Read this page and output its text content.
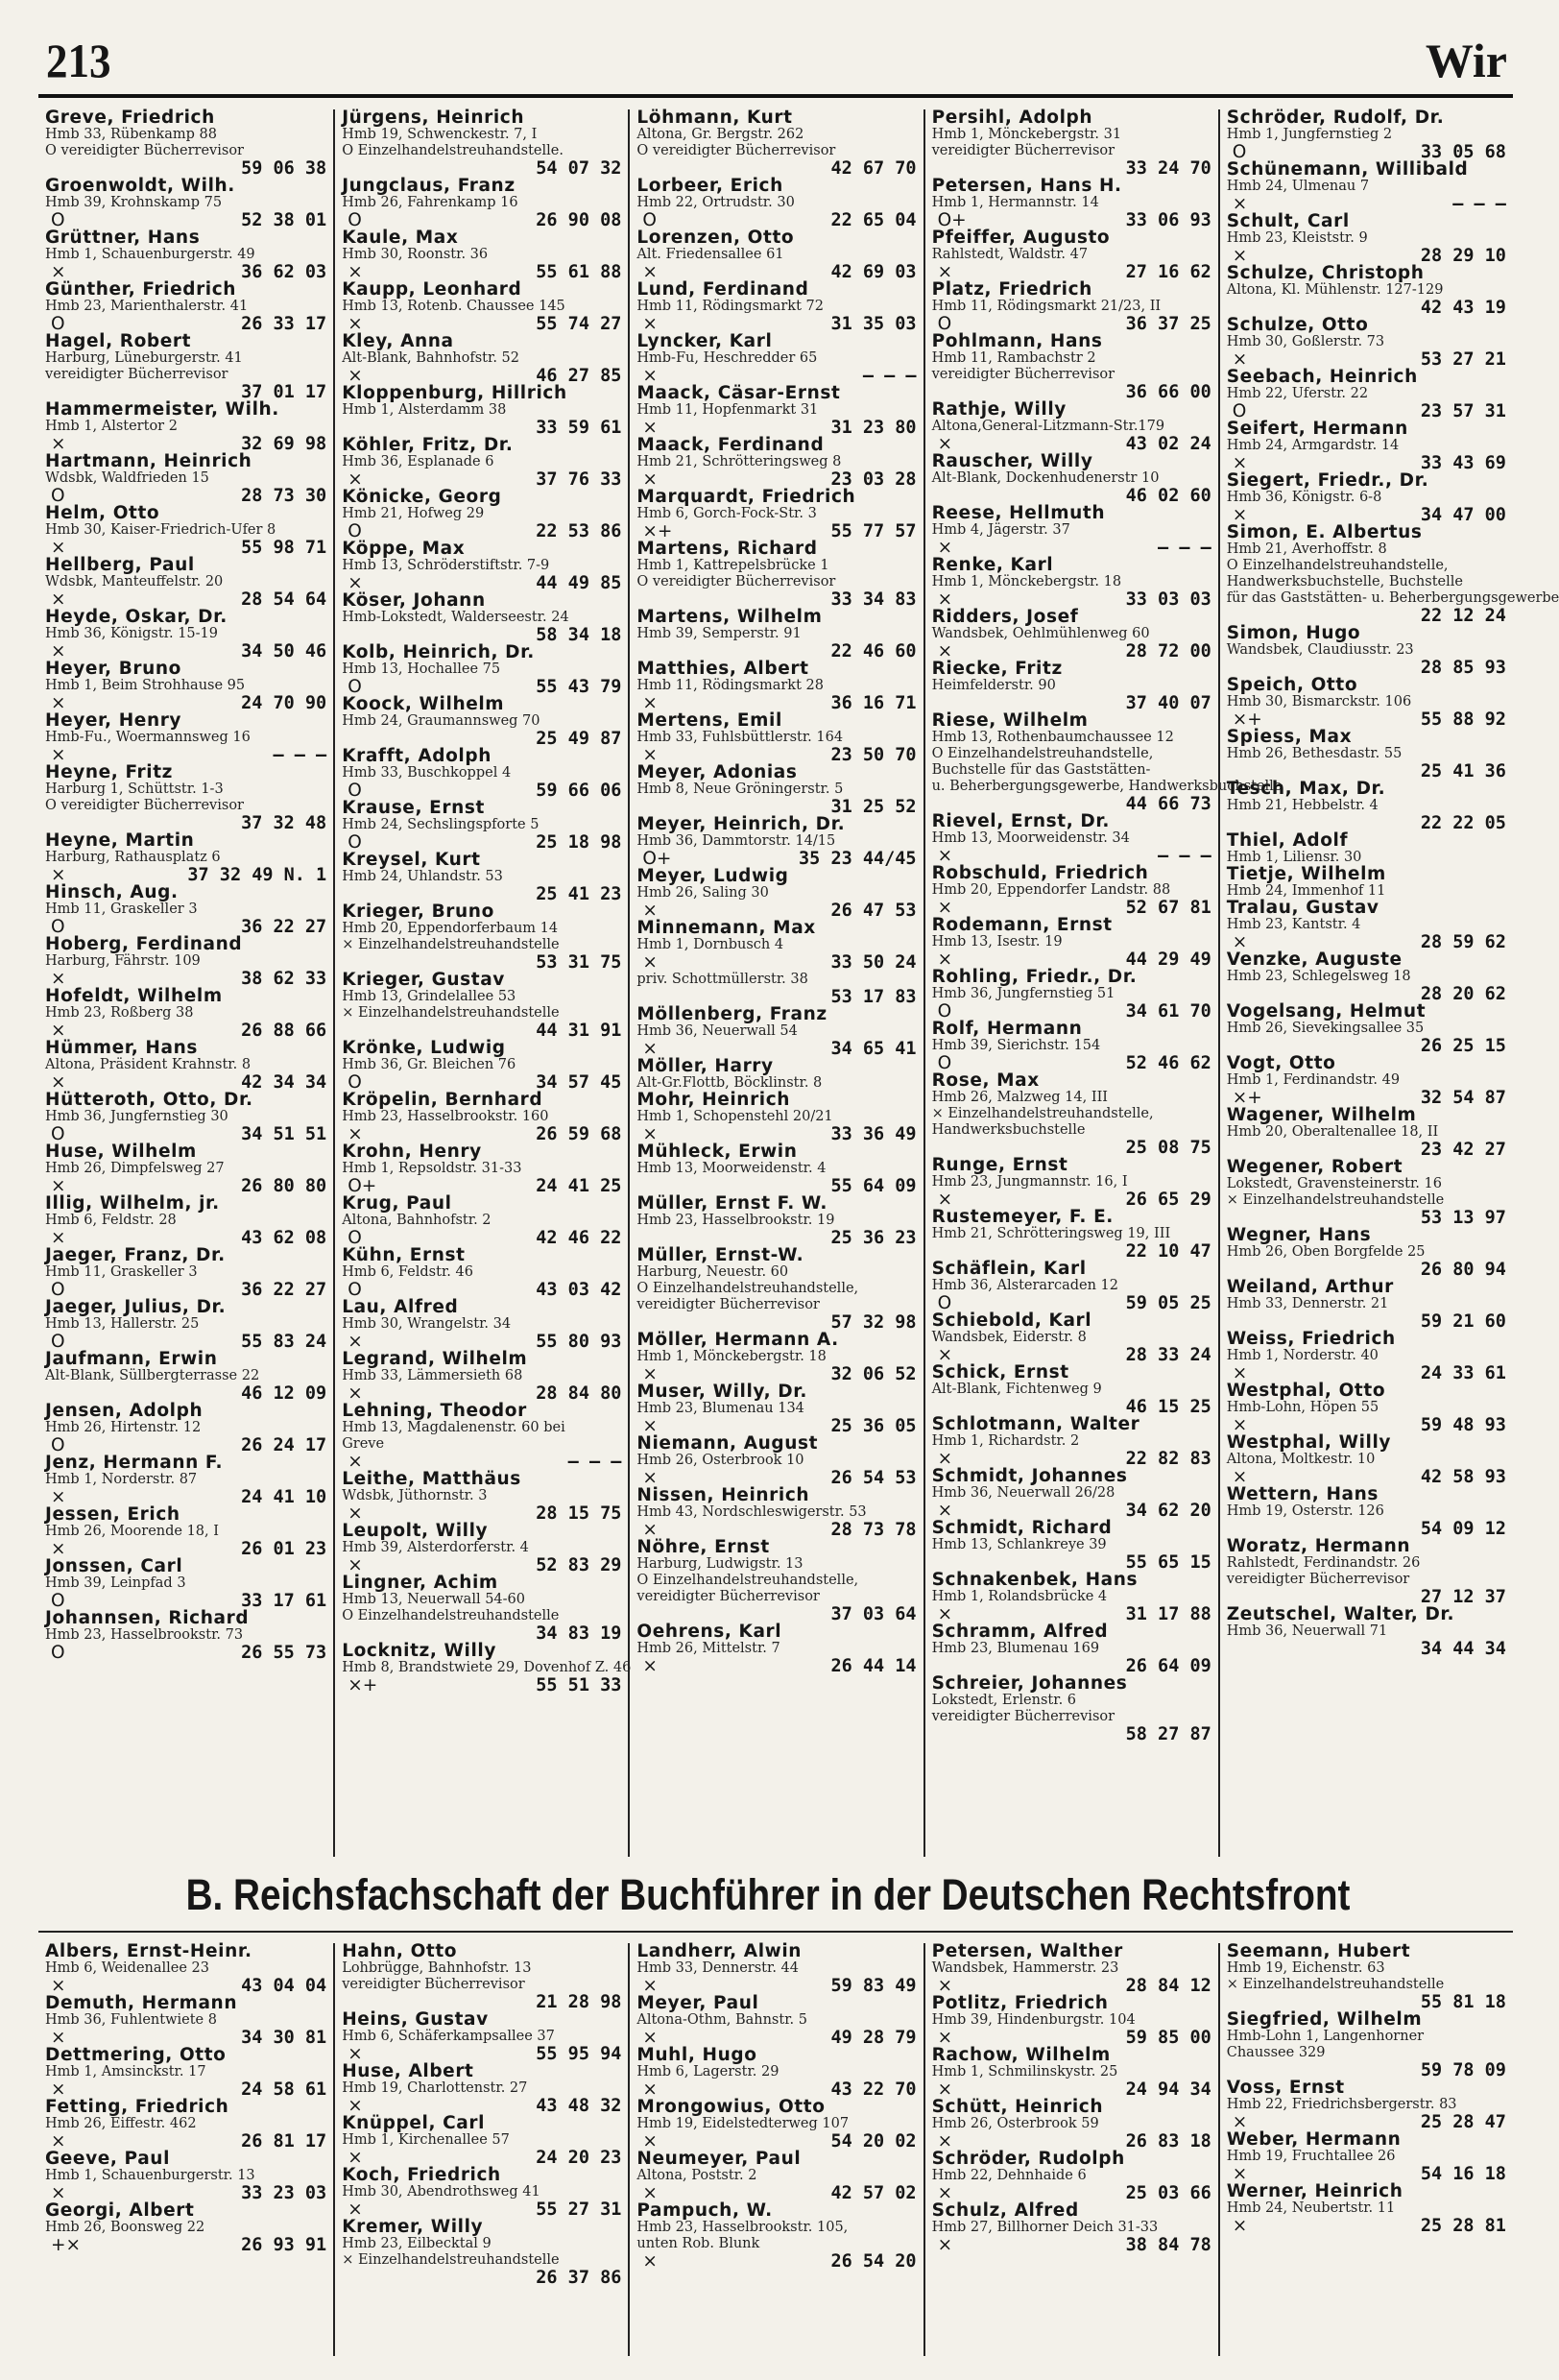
213	Wir
Greve, Friedrich
Hmb 33, Rübenkamp 88
O vereidigter Bücherrevisor
59 06 38
Groenwoldt, Wilh.
Hmb 39, Krohnskamp 75
O	52 38 01
Grüttner, Hans
Hmb 1, Schauenburgerstr. 49
×	36 62 03
Günther, Friedrich
Hmb 23, Marienthalerstr. 41
O	26 33 17
Hagel, Robert
Harburg, Lüneburgerstr. 41
vereidigter Bücherrevisor
37 01 17
Hammermeister, Wilh.
Hmb 1, Alstertor 2
×	32 69 98
Hartmann, Heinrich
Wdsbk, Waldfrieden 15
O	28 73 30
Helm, Otto
Hmb 30, Kaiser-Friedrich-Ufer 8
×	55 98 71
Hellberg, Paul
Wdsbk, Manteuffelstr. 20
×	28 54 64
Heyde, Oskar, Dr.
Hmb 36, Königstr. 15-19
×	34 50 46
Heyer, Bruno
Hmb 1, Beim Strohhause 95
×	24 70 90
Heyer, Henry
Hmb-Fu., Woermannsweg 16
×	— — —
Heyne, Fritz
Harburg 1, Schüttstr. 1-3
O vereidigter Bücherrevisor
37 32 48
Heyne, Martin
Harburg, Rathausplatz 6
×	37 32 49 N. 1
Hinsch, Aug.
Hmb 11, Graskeller 3
O	36 22 27
Hoberg, Ferdinand
Harburg, Fährstr. 109
×	38 62 33
Hofeldt, Wilhelm
Hmb 23, Roßberg 38
×	26 88 66
Hümmer, Hans
Altona, Präsident Krahnstr. 8
×	42 34 34
Hütteroth, Otto, Dr.
Hmb 36, Jungfernstieg 30
O	34 51 51
Huse, Wilhelm
Hmb 26, Dimpfelsweg 27
×	26 80 80
Illig, Wilhelm, jr.
Hmb 6, Feldstr. 28
×	43 62 08
Jaeger, Franz, Dr.
Hmb 11, Graskeller 3
O	36 22 27
Jaeger, Julius, Dr.
Hmb 13, Hallerstr. 25
O	55 83 24
Jaufmann, Erwin
Alt-Blank, Süllbergterrasse 22
46 12 09
Jensen, Adolph
Hmb 26, Hirtenstr. 12
O	26 24 17
Jenz, Hermann F.
Hmb 1, Norderstr. 87
×	24 41 10
Jessen, Erich
Hmb 26, Moorende 18, I
×	26 01 23
Jonssen, Carl
Hmb 39, Leinpfad 3
O	33 17 61
Johannsen, Richard
Hmb 23, Hasselbrookstr. 73
O	26 55 73
Jürgens, Heinrich
Hmb 19, Schwenckestr. 7, I
O Einzelhandelstreuhandstelle.
54 07 32
Jungclaus, Franz
Hmb 26, Fahrenkamp 16
O	26 90 08
Kaule, Max
Hmb 30, Roonstr. 36
×	55 61 88
Kaupp, Leonhard
Hmb 13, Rotenb. Chaussee 145
×	55 74 27
Kley, Anna
Alt-Blank, Bahnhofstr. 52
×	46 27 85
Kloppenburg, Hillrich
Hmb 1, Alsterdamm 38
33 59 61
Köhler, Fritz, Dr.
Hmb 36, Esplanade 6
×	37 76 33
Könicke, Georg
Hmb 21, Hofweg 29
O	22 53 86
Köppe, Max
Hmb 13, Schröderstiftstr. 7-9
×	44 49 85
Köser, Johann
Hmb-Lokstedt, Walderseestr. 24
58 34 18
Kolb, Heinrich, Dr.
Hmb 13, Hochallee 75
O	55 43 79
Koock, Wilhelm
Hmb 24, Graumannsweg 70
25 49 87
Krafft, Adolph
Hmb 33, Buschkoppel 4
O	59 66 06
Krause, Ernst
Hmb 24, Sechslingspforte 5
O	25 18 98
Kreysel, Kurt
Hmb 24, Uhlandstr. 53
25 41 23
Krieger, Bruno
Hmb 20, Eppendorferbaum 14
× Einzelhandelstreuhandstelle
53 31 75
Krieger, Gustav
Hmb 13, Grindelallee 53
× Einzelhandelstreuhandstelle
44 31 91
Krönke, Ludwig
Hmb 36, Gr. Bleichen 76
O	34 57 45
Kröpelin, Bernhard
Hmb 23, Hasselbrookstr. 160
×	26 59 68
Krohn, Henry
Hmb 1, Repsoldstr. 31-33
O+	24 41 25
Krug, Paul
Altona, Bahnhofstr. 2
O	42 46 22
Kühn, Ernst
Hmb 6, Feldstr. 46
O	43 03 42
Lau, Alfred
Hmb 30, Wrangelstr. 34
×	55 80 93
Legrand, Wilhelm
Hmb 33, Lämmersieth 68
×	28 84 80
Lehning, Theodor
Hmb 13, Magdalenenstr. 60 bei
Greve
×	— — —
Leithe, Matthäus
Wdsbk, Jüthornstr. 3
×	28 15 75
Leupolt, Willy
Hmb 39, Alsterdorferstr. 4
×	52 83 29
Lingner, Achim
Hmb 13, Neuerwall 54-60
O Einzelhandelstreuhandstelle
34 83 19
Locknitz, Willy
Hmb 8, Brandstwiete 29, Dovenhof Z. 46
×+	55 51 33
Löhmann, Kurt
Altona, Gr. Bergstr. 262
O vereidigter Bücherrevisor
42 67 70
Lorbeer, Erich
Hmb 22, Ortrudstr. 30
O	22 65 04
Lorenzen, Otto
Alt. Friedensallee 61
×	42 69 03
Lund, Ferdinand
Hmb 11, Rödingsmarkt 72
×	31 35 03
Lyncker, Karl
Hmb-Fu, Heschredder 65
×	— — —
Maack, Cäsar-Ernst
Hmb 11, Hopfenmarkt 31
×	31 23 80
Maack, Ferdinand
Hmb 21, Schrötteringsweg 8
×	23 03 28
Marquardt, Friedrich
Hmb 6, Gorch-Fock-Str. 3
×+	55 77 57
Martens, Richard
Hmb 1, Kattrepelsbrücke 1
O vereidigter Bücherrevisor
33 34 83
Martens, Wilhelm
Hmb 39, Semperstr. 91
22 46 60
Matthies, Albert
Hmb 11, Rödingsmarkt 28
×	36 16 71
Mertens, Emil
Hmb 33, Fuhlsbüttlerstr. 164
×	23 50 70
Meyer, Adonias
Hmb 8, Neue Gröningerstr. 5
31 25 52
Meyer, Heinrich, Dr.
Hmb 36, Dammtorstr. 14/15
O+	35 23 44/45
Meyer, Ludwig
Hmb 26, Saling 30
×	26 47 53
Minnemann, Max
Hmb 1, Dornbusch 4
×	33 50 24
priv. Schottmüllerstr. 38
53 17 83
Möllenberg, Franz
Hmb 36, Neuerwall 54
×	34 65 41
Möller, Harry
Alt-Gr.Flottb, Böcklinstr. 8
Mohr, Heinrich
Hmb 1, Schopenstehl 20/21
×	33 36 49
Mühleck, Erwin
Hmb 13, Moorweidenstr. 4
55 64 09
Müller, Ernst F. W.
Hmb 23, Hasselbrookstr. 19
25 36 23
Müller, Ernst-W.
Harburg, Neuestr. 60
O Einzelhandelstreuhandstelle,
vereidigter Bücherrevisor
57 32 98
Möller, Hermann A.
Hmb 1, Mönckebergstr. 18
×	32 06 52
Muser, Willy, Dr.
Hmb 23, Blumenau 134
×	25 36 05
Niemann, August
Hmb 26, Osterbrook 10
×	26 54 53
Nissen, Heinrich
Hmb 43, Nordschleswigerstr. 53
×	28 73 78
Nöhre, Ernst
Harburg, Ludwigstr. 13
O Einzelhandelstreuhandstelle,
vereidigter Bücherrevisor
37 03 64
Oehrens, Karl
Hmb 26, Mittelstr. 7
×	26 44 14
Persihl, Adolph
Hmb 1, Mönckebergstr. 31
vereidigter Bücherrevisor
33 24 70
Petersen, Hans H.
Hmb 1, Hermannstr. 14
O+	33 06 93
Pfeiffer, Augusto
Rahlstedt, Waldstr. 47
×	27 16 62
Platz, Friedrich
Hmb 11, Rödingsmarkt 21/23, II
O	36 37 25
Pohlmann, Hans
Hmb 11, Rambachstr 2
vereidigter Bücherrevisor
36 66 00
Rathje, Willy
Altona,General-Litzmann-Str.179
×	43 02 24
Rauscher, Willy
Alt-Blank, Dockenhudenerstr 10
46 02 60
Reese, Hellmuth
Hmb 4, Jägerstr. 37
×	— — —
Renke, Karl
Hmb 1, Mönckebergstr. 18
×	33 03 03
Ridders, Josef
Wandsbek, Oehlmühlenweg 60
×	28 72 00
Riecke, Fritz
Heimfelderstr. 90
37 40 07
Riese, Wilhelm
Hmb 13, Rothenbaumchaussee 12
O Einzelhandelstreuhandstelle,
Buchstelle für das Gaststätten-
u. Beherbergungsgewerbe, Handwerksbuchstelle
44 66 73
Rievel, Ernst, Dr.
Hmb 13, Moorweidenstr. 34
×	— — —
Robschuld, Friedrich
Hmb 20, Eppendorfer Landstr. 88
×	52 67 81
Rodemann, Ernst
Hmb 13, Isestr. 19
×	44 29 49
Rohling, Friedr., Dr.
Hmb 36, Jungfernstieg 51
O	34 61 70
Rolf, Hermann
Hmb 39, Sierichstr. 154
O	52 46 62
Rose, Max
Hmb 26, Malzweg 14, III
× Einzelhandelstreuhandstelle,
Handwerksbuchstelle
25 08 75
Runge, Ernst
Hmb 23, Jungmannstr. 16, I
×	26 65 29
Rustemeyer, F. E.
Hmb 21, Schrötteringsweg 19, III
22 10 47
Schäflein, Karl
Hmb 36, Alsterarcaden 12
O	59 05 25
Schiebold, Karl
Wandsbek, Eiderstr. 8
×	28 33 24
Schick, Ernst
Alt-Blank, Fichtenweg 9
46 15 25
Schlotmann, Walter
Hmb 1, Richardstr. 2
×	22 82 83
Schmidt, Johannes
Hmb 36, Neuerwall 26/28
×	34 62 20
Schmidt, Richard
Hmb 13, Schlankreye 39
55 65 15
Schnakenbek, Hans
Hmb 1, Rolandsbrücke 4
×	31 17 88
Schramm, Alfred
Hmb 23, Blumenau 169
26 64 09
Schreier, Johannes
Lokstedt, Erlenstr. 6
vereidigter Bücherrevisor
58 27 87
Schröder, Rudolf, Dr.
Hmb 1, Jungfernstieg 2
O	33 05 68
Schünemann, Willibald
Hmb 24, Ulmenau 7
×	— — —
Schult, Carl
Hmb 23, Kleiststr. 9
×	28 29 10
Schulze, Christoph
Altona, Kl. Mühlenstr. 127-129
42 43 19
Schulze, Otto
Hmb 30, Goßlerstr. 73
×	53 27 21
Seebach, Heinrich
Hmb 22, Uferstr. 22
O	23 57 31
Seifert, Hermann
Hmb 24, Armgardstr. 14
×	33 43 69
Siegert, Friedr., Dr.
Hmb 36, Königstr. 6-8
×	34 47 00
Simon, E. Albertus
Hmb 21, Averhoffstr. 8
O Einzelhandelstreuhandstelle,
Handwerksbuchstelle, Buchstelle
für das Gaststätten- u. Beherbergungsgewerbe
22 12 24
Simon, Hugo
Wandsbek, Claudiusstr. 23
28 85 93
Speich, Otto
Hmb 30, Bismarckstr. 106
×+	55 88 92
Spiess, Max
Hmb 26, Bethesdastr. 55
25 41 36
Tesch, Max, Dr.
Hmb 21, Hebbelstr. 4
22 22 05
Thiel, Adolf
Hmb 1, Liliensr. 30
Tietje, Wilhelm
Hmb 24, Immenhof 11
Tralau, Gustav
Hmb 23, Kantstr. 4
×	28 59 62
Venzke, Auguste
Hmb 23, Schlegelsweg 18
28 20 62
Vogelsang, Helmut
Hmb 26, Sievekingsallee 35
26 25 15
Vogt, Otto
Hmb 1, Ferdinandstr. 49
×+	32 54 87
Wagener, Wilhelm
Hmb 20, Oberaltenallee 18, II
23 42 27
Wegener, Robert
Lokstedt, Gravensteinerstr. 16
× Einzelhandelstreuhandstelle
53 13 97
Wegner, Hans
Hmb 26, Oben Borgfelde 25
26 80 94
Weiland, Arthur
Hmb 33, Dennerstr. 21
59 21 60
Weiss, Friedrich
Hmb 1, Norderstr. 40
×	24 33 61
Westphal, Otto
Hmb-Lohn, Höpen 55
×	59 48 93
Westphal, Willy
Altona, Moltkestr. 10
×	42 58 93
Wettern, Hans
Hmb 19, Osterstr. 126
54 09 12
Woratz, Hermann
Rahlstedt, Ferdinandstr. 26
vereidigter Bücherrevisor
27 12 37
Zeutschel, Walter, Dr.
Hmb 36, Neuerwall 71
34 44 34
B. Reichsfachschaft der Buchführer in der Deutschen Rechtsfront
Albers, Ernst-Heinr.
Hmb 6, Weidenallee 23
×	43 04 04
Demuth, Hermann
Hmb 36, Fuhlentwiete 8
×	34 30 81
Dettmering, Otto
Hmb 1, Amsinckstr. 17
×	24 58 61
Fetting, Friedrich
Hmb 26, Eiffestr. 462
×	26 81 17
Geeve, Paul
Hmb 1, Schauenburgerstr. 13
×	33 23 03
Georgi, Albert
Hmb 26, Boonsweg 22
+×	26 93 91
Hahn, Otto
Lohbrügge, Bahnhofstr. 13
vereidigter Bücherrevisor
21 28 98
Heins, Gustav
Hmb 6, Schäferkampsallee 37
×	55 95 94
Huse, Albert
Hmb 19, Charlottenstr. 27
×	43 48 32
Knüppel, Carl
Hmb 1, Kirchenallee 57
×	24 20 23
Koch, Friedrich
Hmb 30, Abendrothsweg 41
×	55 27 31
Kremer, Willy
Hmb 23, Eilbecktal 9
× Einzelhandelstreuhandstelle
26 37 86
Landherr, Alwin
Hmb 33, Dennerstr. 44
×	59 83 49
Meyer, Paul
Altona-Othm, Bahnstr. 5
×	49 28 79
Muhl, Hugo
Hmb 6, Lagerstr. 29
×	43 22 70
Mrongowius, Otto
Hmb 19, Eidelstedterweg 107
×	54 20 02
Neumeyer, Paul
Altona, Poststr. 2
×	42 57 02
Pampuch, W.
Hmb 23, Hasselbrookstr. 105,
unten Rob. Blunk
×	26 54 20
Petersen, Walther
Wandsbek, Hammerstr. 23
×	28 84 12
Potlitz, Friedrich
Hmb 39, Hindenburgstr. 104
×	59 85 00
Rachow, Wilhelm
Hmb 1, Schmilinskystr. 25
×	24 94 34
Schütt, Heinrich
Hmb 26, Osterbrook 59
×	26 83 18
Schröder, Rudolph
Hmb 22, Dehnhaide 6
×	25 03 66
Schulz, Alfred
Hmb 27, Billhorner Deich 31-33
×	38 84 78
Seemann, Hubert
Hmb 19, Eichenstr. 63
× Einzelhandelstreuhandstelle
55 81 18
Siegfried, Wilhelm
Hmb-Lohn 1, Langenhorner
Chaussee 329
59 78 09
Voss, Ernst
Hmb 22, Friedrichsbergerstr. 83
×	25 28 47
Weber, Hermann
Hmb 19, Fruchtallee 26
×	54 16 18
Werner, Heinrich
Hmb 24, Neubertstr. 11
×	25 28 81
